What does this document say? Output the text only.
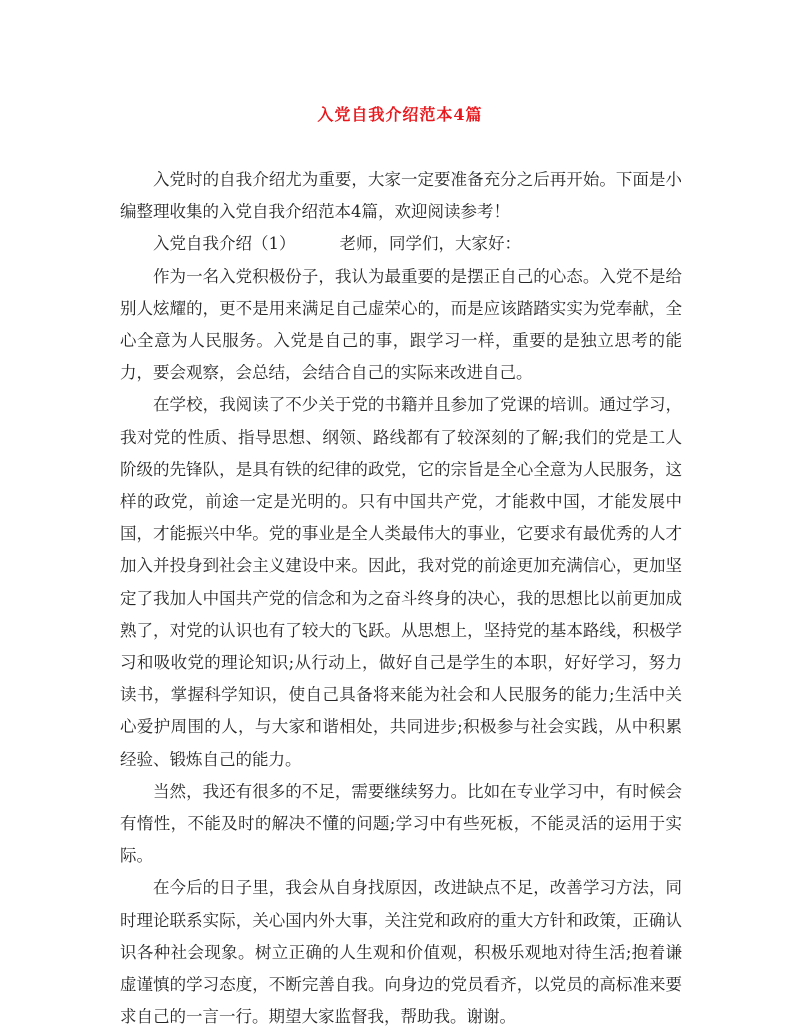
入党自我介绍范本4篇

入党时的自我介绍尤为重要，大家一定要准备充分之后再开始。下面是小编整理收集的入党自我介绍范本4篇，欢迎阅读参考！

入党自我介绍（1）	老师，同学们，大家好：

作为一名入党积极份子，我认为最重要的是摆正自己的心态。入党不是给别人炫耀的，更不是用来满足自己虚荣心的，而是应该踏踏实实为党奉献，全心全意为人民服务。入党是自己的事，跟学习一样，重要的是独立思考的能力，要会观察，会总结，会结合自己的实际来改进自己。

在学校，我阅读了不少关于党的书籍并且参加了党课的培训。通过学习，我对党的性质、指导思想、纲领、路线都有了较深刻的了解;我们的党是工人阶级的先锋队，是具有铁的纪律的政党，它的宗旨是全心全意为人民服务，这样的政党，前途一定是光明的。只有中国共产党，才能救中国，才能发展中国，才能振兴中华。党的事业是全人类最伟大的事业，它要求有最优秀的人才加入并投身到社会主义建设中来。因此，我对党的前途更加充满信心，更加坚定了我加人中国共产党的信念和为之奋斗终身的决心，我的思想比以前更加成熟了，对党的认识也有了较大的飞跃。从思想上，坚持党的基本路线，积极学习和吸收党的理论知识;从行动上，做好自己是学生的本职，好好学习，努力读书，掌握科学知识，使自己具备将来能为社会和人民服务的能力;生活中关心爱护周围的人，与大家和谐相处，共同进步;积极参与社会实践，从中积累经验、锻炼自己的能力。

当然，我还有很多的不足，需要继续努力。比如在专业学习中，有时候会有惰性，不能及时的解决不懂的问题;学习中有些死板，不能灵活的运用于实际。

在今后的日子里，我会从自身找原因，改进缺点不足，改善学习方法，同时理论联系实际，关心国内外大事，关注党和政府的重大方针和政策，正确认识各种社会现象。树立正确的人生观和价值观，积极乐观地对待生活;抱着谦虚谨慎的学习态度，不断完善自我。向身边的党员看齐，以党员的高标准来要求自己的一言一行。期望大家监督我，帮助我。谢谢。
